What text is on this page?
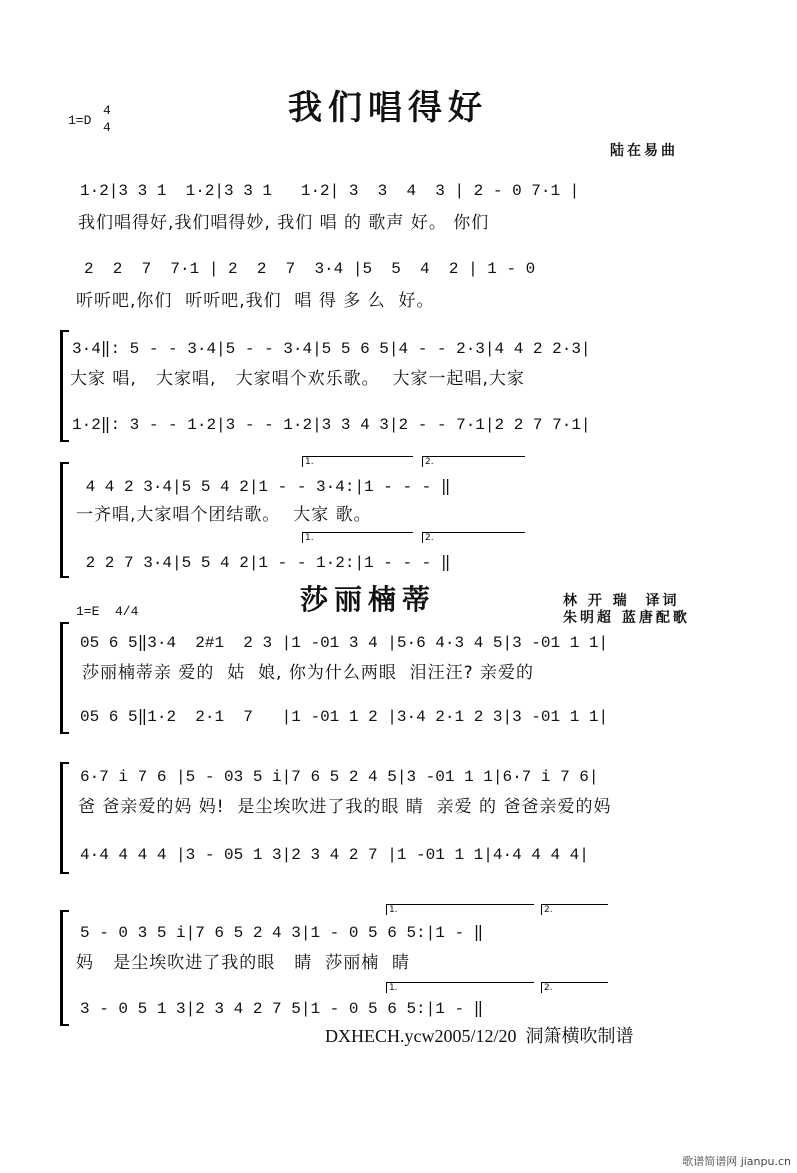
我们唱得好
1=D
4
4
陆在易曲
1·2|3 3 1  1·2|3 3 1   1·2| 3  3  4  3 | 2 - 0 7·1 |
我们唱得好,我们唱得妙, 我们 唱 的 歌声 好。 你们
2  2  7  7·1 | 2  2  7  3·4 |5  5  4  2 | 1 - 0
听听吧,你们  听听吧,我们  唱 得 多 么  好。
3·4‖: 5 - - 3·4|5 - - 3·4|5 5 6 5|4 - - 2·3|4 4 2 2·3|
大家 唱,   大家唱,   大家唱个欢乐歌。  大家一起唱,大家
1·2‖: 3 - - 1·2|3 - - 1·2|3 3 4 3|2 - - 7·1|2 2 7 7·1|
1.	2.
4 4 2 3·4|5 5 4 2|1 - - 3·4:|1 - - - ‖
一齐唱,大家唱个团结歌。  大家 歌。
1.	2.
2 2 7 3·4|5 5 4 2|1 - - 1·2:|1 - - - ‖
莎丽楠蒂	林 开 瑞  译词
朱明超 蓝唐配歌
1=E  4/4
05 6 5‖3·4  2#1  2 3 |1 -01 3 4 |5·6 4·3 4 5|3 -01 1 1|
莎丽楠蒂亲 爱的  姑  娘, 你为什么两眼  泪汪汪? 亲爱的
05 6 5‖1·2  2·1  7   |1 -01 1 2 |3·4 2·1 2 3|3 -01 1 1|
6·7 i 7 6 |5 - 03 5 i|7 6 5 2 4 5|3 -01 1 1|6·7 i 7 6|
爸 爸亲爱的妈 妈!  是尘埃吹进了我的眼 睛  亲爱 的 爸爸亲爱的妈
4·4 4 4 4 |3 - 05 1 3|2 3 4 2 7 |1 -01 1 1|4·4 4 4 4|
1.	2.
5 - 0 3 5 i|7 6 5 2 4 3|1 - 0 5 6 5:|1 - ‖
妈   是尘埃吹进了我的眼   睛  莎丽楠  睛
1.	2.
3 - 0 5 1 3|2 3 4 2 7 5|1 - 0 5 6 5:|1 - ‖
DXHECH.ycw2005/12/20  洞箫横吹制谱
歌谱简谱网 jianpu.cn
